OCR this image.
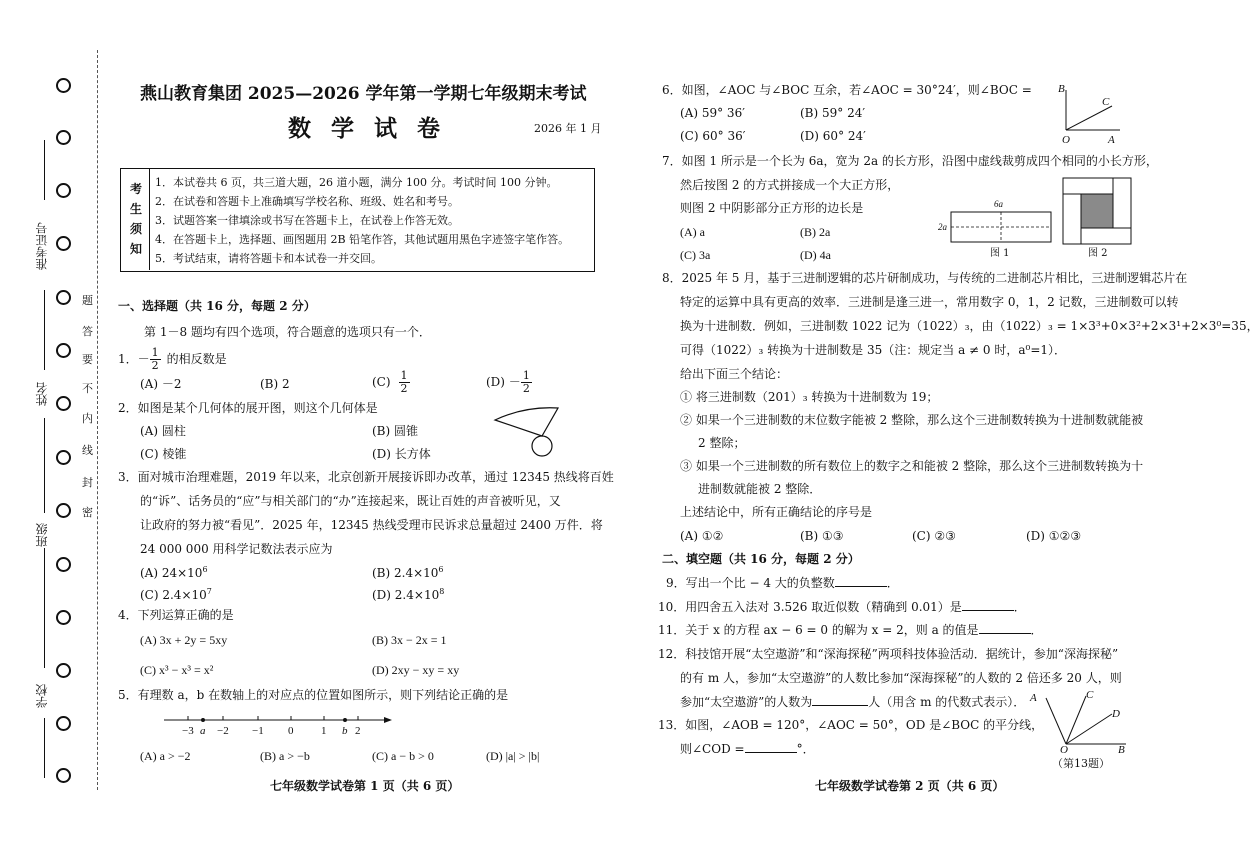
准考证号
姓名
班级
学校
题
答
要
不
内
线
封
密
燕山教育集团 2025—2026 学年第一学期七年级期末考试
数 学 试 卷	2026 年 1 月
考
生
须
知
1．本试卷共 6 页，共三道大题，26 道小题，满分 100 分。考试时间 100 分钟。
2．在试卷和答题卡上准确填写学校名称、班级、姓名和考号。
3．试题答案一律填涂或书写在答题卡上，在试卷上作答无效。
4．在答题卡上，选择题、画图题用 2B 铅笔作答，其他试题用黑色字迹签字笔作答。
5．考试结束，请将答题卡和本试卷一并交回。
一、选择题（共 16 分，每题 2 分）
第 1－8 题均有四个选项，符合题意的选项只有一个．
1． － $\frac{1}{2}$ 的相反数是
(A) －2	(B) 2	$(C) \frac{1}{2}$	$(D) - \frac{1}{2}$
2．如图是某个几何体的展开图，则这个几何体是
(A) 圆柱	(B) 圆锥
(C) 棱锥	(D) 长方体
3．面对城市治理难题，2019 年以来，北京创新开展接诉即办改革，通过 12345 热线将百姓
的“诉”、话务员的“应”与相关部门的“办”连接起来，既让百姓的声音被听见，又
让政府的努力被“看见”．2025 年，12345 热线受理市民诉求总量超过 2400 万件．将
24 000 000 用科学记数法表示应为
(A) $24\times 10^6$	(B) $2.4\times 10^6$
(C) $2.4\times 10^7$	(D) $2.4\times 10^8$
4．下列运算正确的是
(A) 3x + 2y = 5xy	(B) 3x − 2x = 1
(C) x³ − x³ = x²	(D) 2xy − xy = xy
5．有理数 a，b 在数轴上的对应点的位置如图所示，则下列结论正确的是
−3 a −2 −1 0	1 b 2
(A) a > −2	(B) a > −b	(C) a − b > 0	(D) |a| > |b|
七年级数学试卷第 1 页（共 6 页）
6．如图，∠AOC 与∠BOC 互余，若∠AOC = 30°24′，则∠BOC =
(A) 59° 36′	(B) 59° 24′
(C) 60° 36′	(D) 60° 24′
B
C
O	A
7．如图 1 所示是一个长为 6a，宽为 2a 的长方形，沿图中虚线裁剪成四个相同的小长方形，
然后按图 2 的方式拼接成一个大正方形，
则图 2 中阴影部分正方形的边长是
(A) a	(B) 2a
(C) 3a	(D) 4a
6a
2a
图 1	图 2
8．2025 年 5 月，基于三进制逻辑的芯片研制成功，与传统的二进制芯片相比，三进制逻辑芯片在
特定的运算中具有更高的效率．三进制是逢三进一，常用数字 0，1，2 记数，三进制数可以转
换为十进制数．例如，三进制数 1022 记为（1022）₃，由（1022）₃ = 1×3³+0×3²+2×3¹+2×3⁰=35，
可得（1022）₃ 转换为十进制数是 35（注：规定当 a ≠ 0 时，a⁰=1）．
给出下面三个结论：
① 将三进制数（201）₃ 转换为十进制数为 19；
② 如果一个三进制数的末位数字能被 2 整除，那么这个三进制数转换为十进制数就能被
2 整除；
③ 如果一个三进制数的所有数位上的数字之和能被 2 整除，那么这个三进制数转换为十
进制数就能被 2 整除．
上述结论中，所有正确结论的序号是
(A) ①②	(B) ①③	(C) ②③	(D) ①②③
二、填空题（共 16 分，每题 2 分）
9．写出一个比 − 4 大的负整数	．
10．用四舍五入法对 3.526 取近似数（精确到 0.01）是	．
11．关于 x 的方程 ax − 6 = 0 的解为 x = 2，则 a 的值是	．
12．科技馆开展“太空遨游”和“深海探秘”两项科技体验活动．据统计，参加“深海探秘”
的有 m 人，参加“太空遨游”的人数比参加“深海探秘”的人数的 2 倍还多 20 人，则
参加“太空遨游”的人数为	人（用含 m 的代数式表示）．
13．如图，∠AOB = 120°，∠AOC = 50°，OD 是∠BOC 的平分线，
则∠COD =	°．
A	C
D
O	B
（第13题）
七年级数学试卷第 2 页（共 6 页）
